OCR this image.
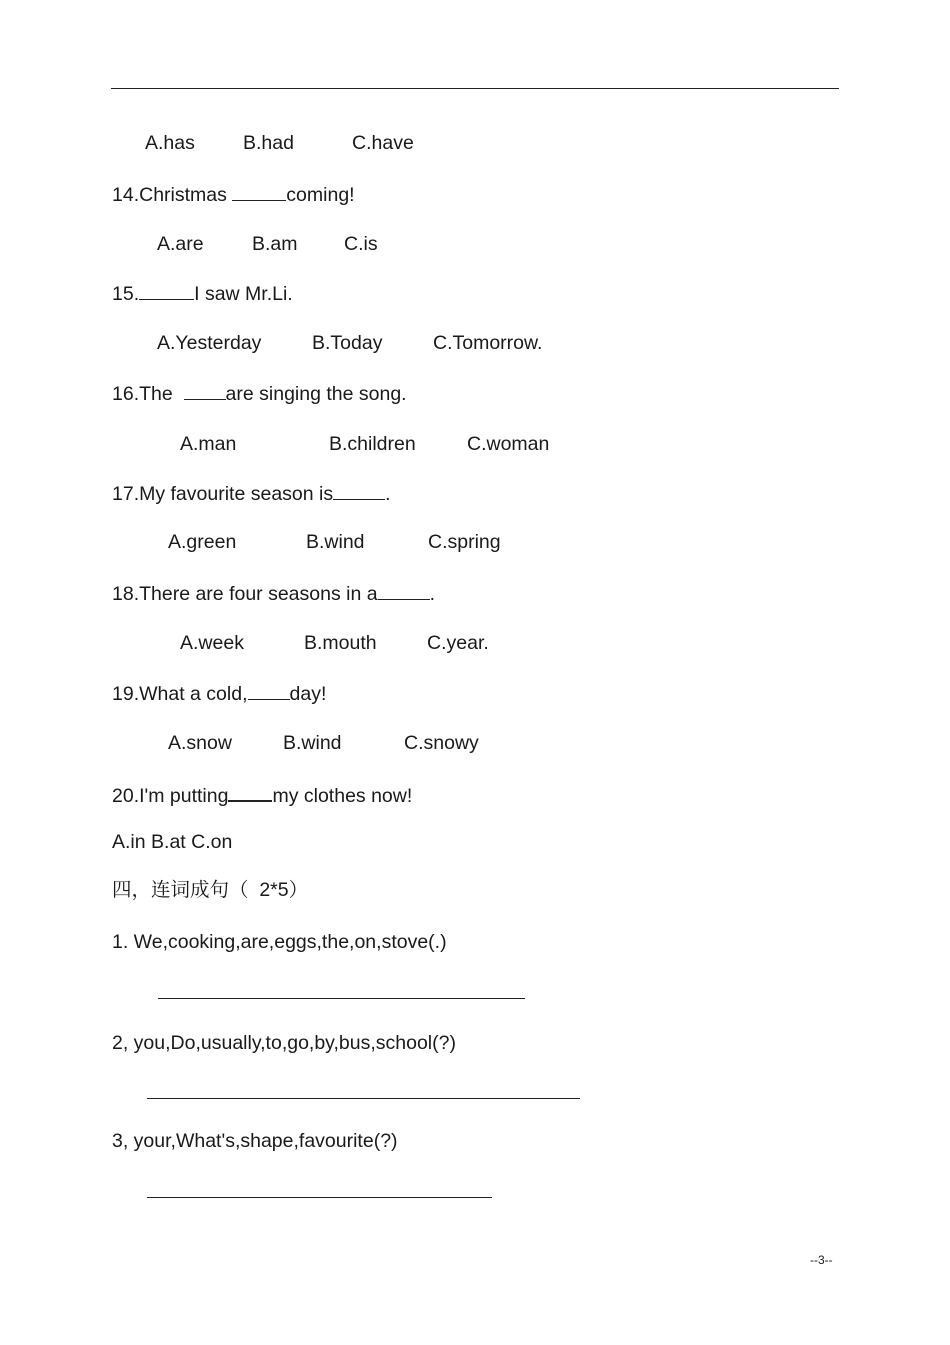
A.has B.had	C.have
14.Christmas	coming!
A.are B.am C.is
15.	I saw Mr.Li.
A.Yesterday	B.Today	C.Tomorrow.
16.The  are singing the song.
A.man	B.children	C.woman
17.My favourite season is	.
A.green	B.wind	C.spring
18.There are four seasons in a	.
A.week	B.mouth	C.year.
19.What a cold, day!
A.snow	B.wind	C.snowy
20.I'm putting my clothes now!
A.in B.at C.on
四，连词成句（  2*5）
1. We,cooking,are,eggs,the,on,stove(.)
2, you,Do,usually,to,go,by,bus,school(?)
3, your,What's,shape,favourite(?)
--3--
